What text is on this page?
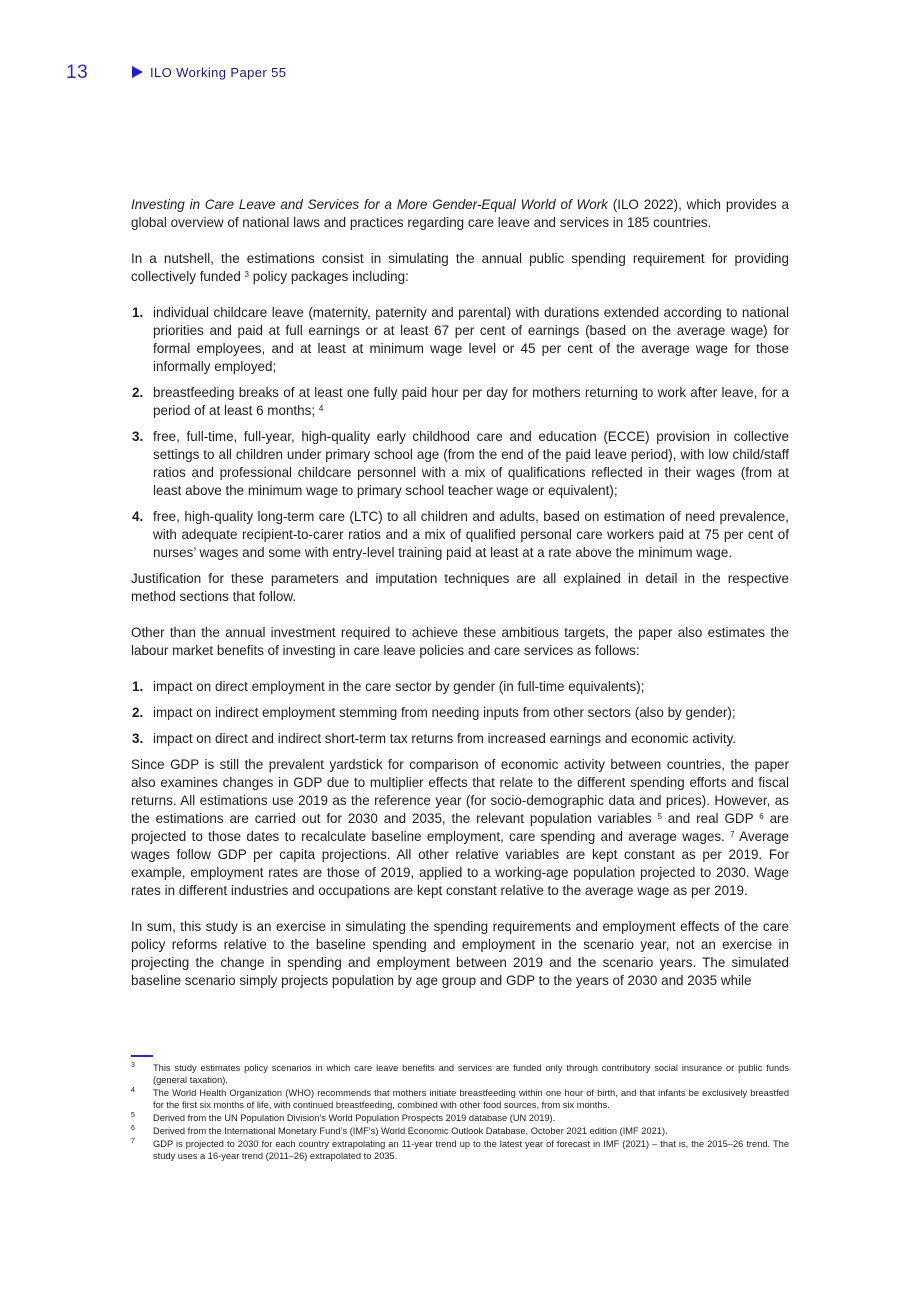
13	ILO Working Paper 55

Investing in Care Leave and Services for a More Gender-Equal World of Work (ILO 2022), which provides a global overview of national laws and practices regarding care leave and services in 185 countries.

In a nutshell, the estimations consist in simulating the annual public spending requirement for providing collectively funded $^3$ policy packages including:

1. individual childcare leave (maternity, paternity and parental) with durations extended according to national priorities and paid at full earnings or at least 67 per cent of earnings (based on the average wage) for formal employees, and at least at minimum wage level or 45 per cent of the average wage for those informally employed;
2. breastfeeding breaks of at least one fully paid hour per day for mothers returning to work after leave, for a period of at least 6 months; $^4$
3. free, full-time, full-year, high-quality early childhood care and education (ECCE) provision in collective settings to all children under primary school age (from the end of the paid leave period), with low child/staff ratios and professional childcare personnel with a mix of qualifications reflected in their wages (from at least above the minimum wage to primary school teacher wage or equivalent);
4. free, high-quality long-term care (LTC) to all children and adults, based on estimation of need prevalence, with adequate recipient-to-carer ratios and a mix of qualified personal care workers paid at 75 per cent of nurses’ wages and some with entry-level training paid at least at a rate above the minimum wage.

Justification for these parameters and imputation techniques are all explained in detail in the respective method sections that follow.

Other than the annual investment required to achieve these ambitious targets, the paper also estimates the labour market benefits of investing in care leave policies and care services as follows:

1. impact on direct employment in the care sector by gender (in full-time equivalents);
2. impact on indirect employment stemming from needing inputs from other sectors (also by gender);
3. impact on direct and indirect short-term tax returns from increased earnings and economic activity.

Since GDP is still the prevalent yardstick for comparison of economic activity between countries, the paper also examines changes in GDP due to multiplier effects that relate to the different spending efforts and fiscal returns. All estimations use 2019 as the reference year (for socio-demographic data and prices). However, as the estimations are carried out for 2030 and 2035, the relevant population variables $^5$ and real GDP $^6$ are projected to those dates to recalculate baseline employment, care spending and average wages. $^7$ Average wages follow GDP per capita projections. All other relative variables are kept constant as per 2019. For example, employment rates are those of 2019, applied to a working-age population projected to 2030. Wage rates in different industries and occupations are kept constant relative to the average wage as per 2019.

In sum, this study is an exercise in simulating the spending requirements and employment effects of the care policy reforms relative to the baseline spending and employment in the scenario year, not an exercise in projecting the change in spending and employment between 2019 and the scenario years. The simulated baseline scenario simply projects population by age group and GDP to the years of 2030 and 2035 while

3 This study estimates policy scenarios in which care leave benefits and services are funded only through contributory social insurance or public funds (general taxation).
4 The World Health Organization (WHO) recommends that mothers initiate breastfeeding within one hour of birth, and that infants be exclusively breastfed for the first six months of life, with continued breastfeeding, combined with other food sources, from six months.
5 Derived from the UN Population Division’s World Population Prospects 2019 database (UN 2019).
6 Derived from the International Monetary Fund’s (IMF’s) World Economic Outlook Database, October 2021 edition (IMF 2021).
7 GDP is projected to 2030 for each country extrapolating an 11-year trend up to the latest year of forecast in IMF (2021) – that is, the 2015–26 trend. The study uses a 16-year trend (2011–26) extrapolated to 2035.
